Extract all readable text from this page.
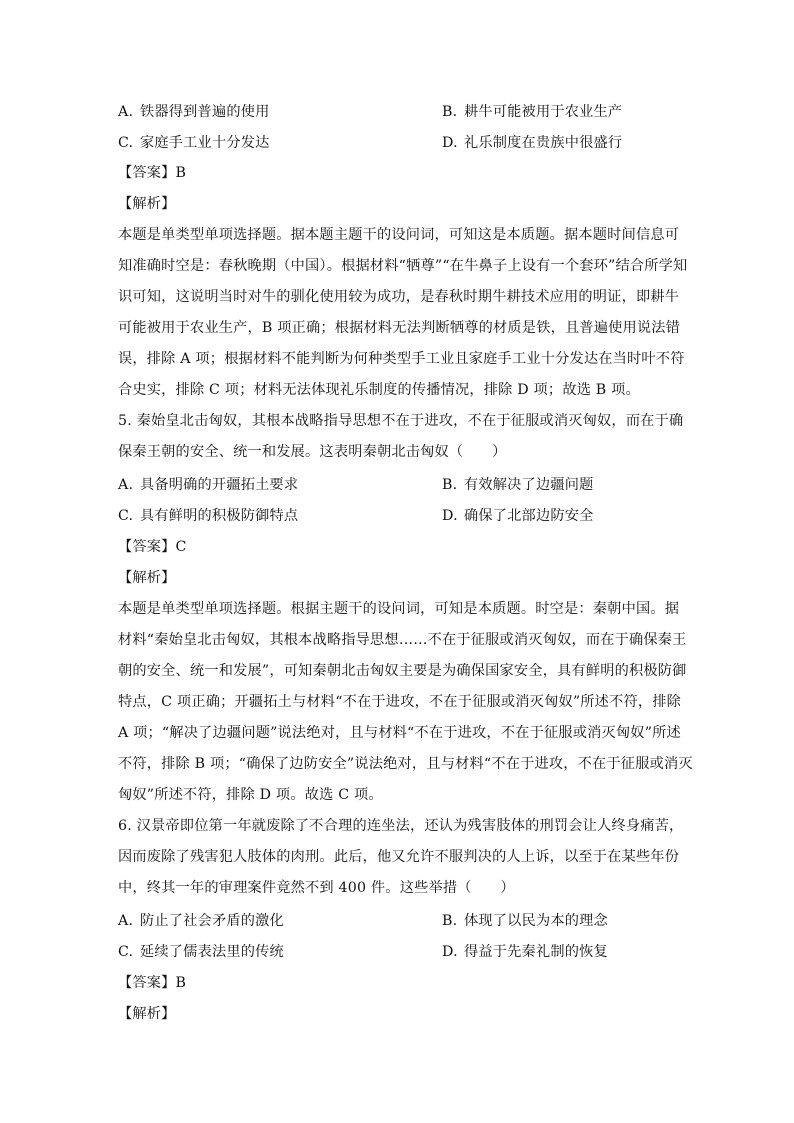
A. 铁器得到普遍的使用	B. 耕牛可能被用于农业生产
C. 家庭手工业十分发达	D. 礼乐制度在贵族中很盛行
【答案】B
【解析】
本题是单类型单项选择题。据本题主题干的设问词，可知这是本质题。据本题时间信息可
知准确时空是：春秋晚期（中国）。根据材料“牺尊”“在牛鼻子上设有一个套环”结合所学知
识可知，这说明当时对牛的驯化使用较为成功，是春秋时期牛耕技术应用的明证，即耕牛
可能被用于农业生产，B 项正确；根据材料无法判断牺尊的材质是铁，且普遍使用说法错
误，排除 A 项；根据材料不能判断为何种类型手工业且家庭手工业十分发达在当时叶不符
合史实，排除 C 项；材料无法体现礼乐制度的传播情况，排除 D 项；故选 B 项。
5. 秦始皇北击匈奴，其根本战略指导思想不在于进攻，不在于征服或消灭匈奴，而在于确
保秦王朝的安全、统一和发展。这表明秦朝北击匈奴（　　）
A. 具备明确的开疆拓土要求	B. 有效解决了边疆问题
C. 具有鲜明的积极防御特点	D. 确保了北部边防安全
【答案】C
【解析】
本题是单类型单项选择题。根据主题干的设问词，可知是本质题。时空是：秦朝中国。据
材料“秦始皇北击匈奴，其根本战略指导思想……不在于征服或消灭匈奴，而在于确保秦王
朝的安全、统一和发展”，可知秦朝北击匈奴主要是为确保国家安全，具有鲜明的积极防御
特点，C 项正确；开疆拓土与材料“不在于进攻，不在于征服或消灭匈奴”所述不符，排除
A 项；“解决了边疆问题”说法绝对，且与材料“不在于进攻，不在于征服或消灭匈奴”所述
不符，排除 B 项；“确保了边防安全”说法绝对，且与材料“不在于进攻，不在于征服或消灭
匈奴”所述不符，排除 D 项。故选 C 项。
6. 汉景帝即位第一年就废除了不合理的连坐法，还认为残害肢体的刑罚会让人终身痛苦，
因而废除了残害犯人肢体的肉刑。此后，他又允许不服判决的人上诉，以至于在某些年份
中，终其一年的审理案件竟然不到 400 件。这些举措（　　）
A. 防止了社会矛盾的激化	B. 体现了以民为本的理念
C. 延续了儒表法里的传统	D. 得益于先秦礼制的恢复
【答案】B
【解析】
